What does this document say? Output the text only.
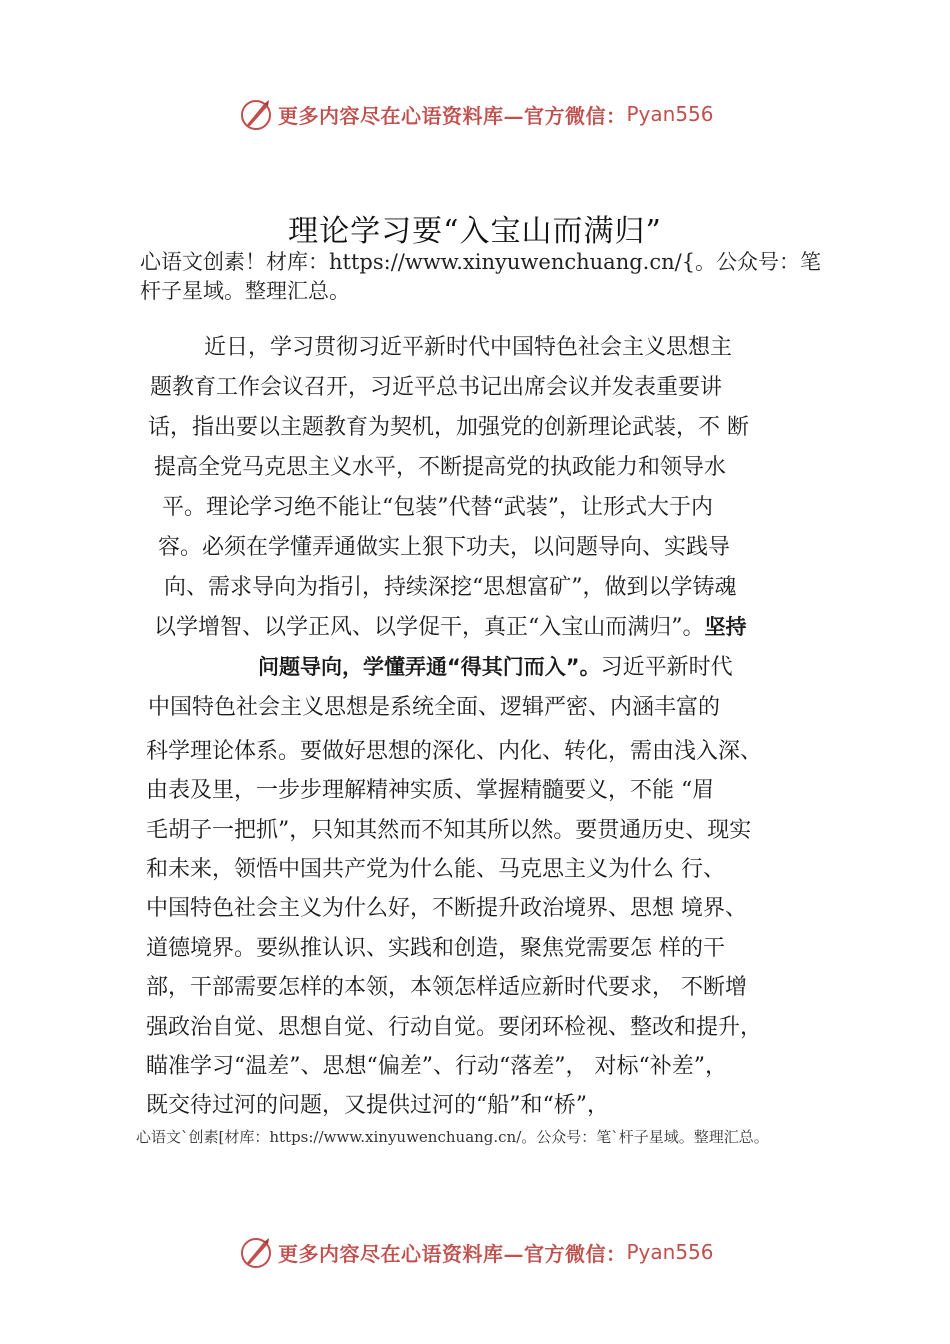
更多内容尽在心语资料库—官方微信： Pyan556
理论学习要“入宝山而满归”
心语文创素！材库：https://www.xinyuwenchuang.cn/{。公众号：笔杆子星域。整理汇总。
近日，学习贯彻习近平新时代中国特色社会主义思想主
题教育工作会议召开，习近平总书记出席会议并发表重要讲
话，指出要以主题教育为契机，加强党的创新理论武装，不 断
提高全党马克思主义水平，不断提高党的执政能力和领导水
平。理论学习绝不能让“包装”代替“武装”，让形式大于内
容。必须在学懂弄通做实上狠下功夫，以问题导向、实践导
向、需求导向为指引，持续深挖“思想富矿”，做到以学铸魂
以学增智、以学正风、以学促干，真正“入宝山而满归”。坚持
问题导向，学懂弄通“得其门而入”。习近平新时代
中国特色社会主义思想是系统全面、逻辑严密、内涵丰富的
科学理论体系。要做好思想的深化、内化、转化，需由浅入深、
由表及里，一步步理解精神实质、掌握精髓要义，不能 “眉
毛胡子一把抓”，只知其然而不知其所以然。要贯通历史、现实
和未来，领悟中国共产党为什么能、马克思主义为什么 行、
中国特色社会主义为什么好，不断提升政治境界、思想 境界、
道德境界。要纵推认识、实践和创造，聚焦党需要怎 样的干
部，干部需要怎样的本领，本领怎样适应新时代要求， 不断增
强政治自觉、思想自觉、行动自觉。要闭环检视、整改和提升，
瞄准学习“温差”、思想“偏差”、行动“落差”， 对标“补差”，
既交待过河的问题，又提供过河的“船”和“桥”，
心语文`创素[材库：https://www.xinyuwenchuang.cn/。公众号：笔`杆子星域。整理汇总。
更多内容尽在心语资料库—官方微信： Pyan556
